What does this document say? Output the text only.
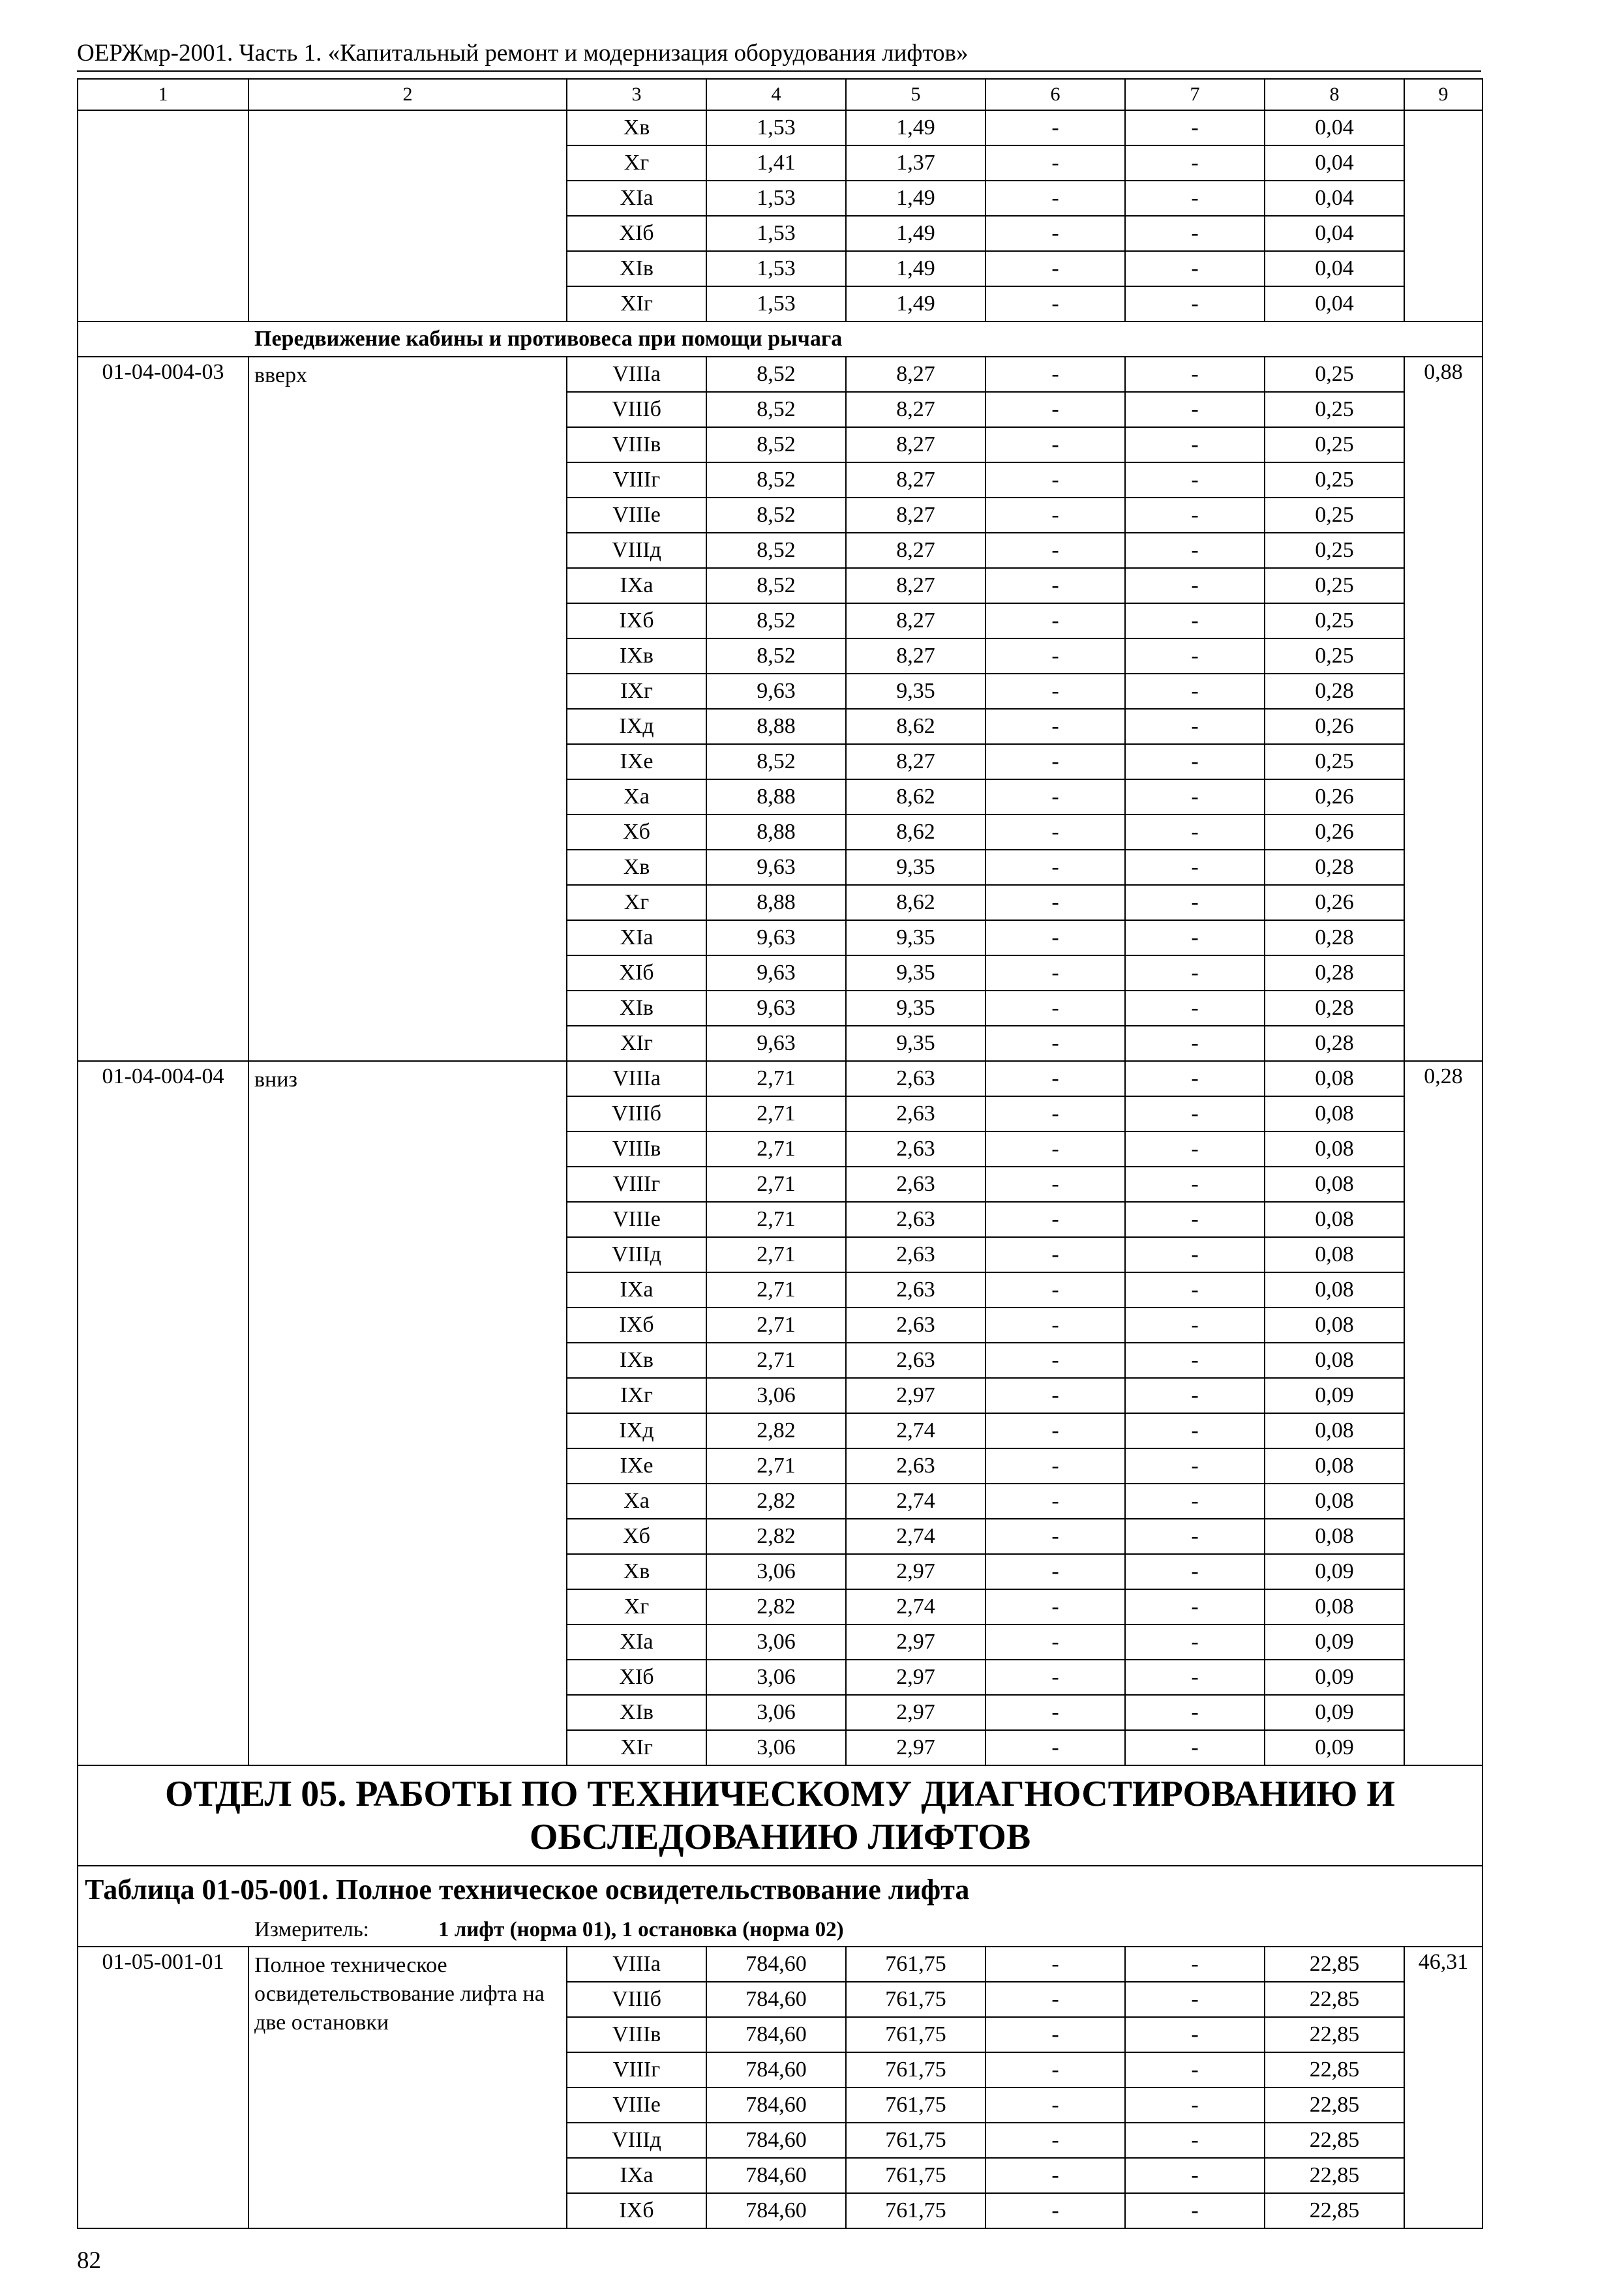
ОЕРЖмр-2001. Часть 1. «Капитальный ремонт и модернизация оборудования лифтов»
1	2	3	4	5	6	7	8	9
		Хв	1,53	1,49	-	-	0,04	
		Хг	1,41	1,37	-	-	0,04	
		ХIа	1,53	1,49	-	-	0,04	
		ХIб	1,53	1,49	-	-	0,04	
		ХIв	1,53	1,49	-	-	0,04	
		ХIг	1,53	1,49	-	-	0,04	
Передвижение кабины и противовеса при помощи рычага								
01-04-004-03	вверх	VIIIа	8,52	8,27	-	-	0,25	0,88
		VIIIб	8,52	8,27	-	-	0,25	
		VIIIв	8,52	8,27	-	-	0,25	
		VIIIг	8,52	8,27	-	-	0,25	
		VIIIе	8,52	8,27	-	-	0,25	
		VIIIд	8,52	8,27	-	-	0,25	
		IХа	8,52	8,27	-	-	0,25	
		IХб	8,52	8,27	-	-	0,25	
		IХв	8,52	8,27	-	-	0,25	
		IХг	9,63	9,35	-	-	0,28	
		IХд	8,88	8,62	-	-	0,26	
		IХе	8,52	8,27	-	-	0,25	
		Ха	8,88	8,62	-	-	0,26	
		Хб	8,88	8,62	-	-	0,26	
		Хв	9,63	9,35	-	-	0,28	
		Хг	8,88	8,62	-	-	0,26	
		ХIа	9,63	9,35	-	-	0,28	
		ХIб	9,63	9,35	-	-	0,28	
		ХIв	9,63	9,35	-	-	0,28	
		ХIг	9,63	9,35	-	-	0,28	
01-04-004-04	вниз	VIIIа	2,71	2,63	-	-	0,08	0,28
		VIIIб	2,71	2,63	-	-	0,08	
		VIIIв	2,71	2,63	-	-	0,08	
		VIIIг	2,71	2,63	-	-	0,08	
		VIIIе	2,71	2,63	-	-	0,08	
		VIIIд	2,71	2,63	-	-	0,08	
		IХа	2,71	2,63	-	-	0,08	
		IХб	2,71	2,63	-	-	0,08	
		IХв	2,71	2,63	-	-	0,08	
		IХг	3,06	2,97	-	-	0,09	
		IХд	2,82	2,74	-	-	0,08	
		IХе	2,71	2,63	-	-	0,08	
		Ха	2,82	2,74	-	-	0,08	
		Хб	2,82	2,74	-	-	0,08	
		Хв	3,06	2,97	-	-	0,09	
		Хг	2,82	2,74	-	-	0,08	
		ХIа	3,06	2,97	-	-	0,09	
		ХIб	3,06	2,97	-	-	0,09	
		ХIв	3,06	2,97	-	-	0,09	
		ХIг	3,06	2,97	-	-	0,09	
ОТДЕЛ 05. РАБОТЫ ПО ТЕХНИЧЕСКОМУ ДИАГНОСТИРОВАНИЮ И ОБСЛЕДОВАНИЮ ЛИФТОВ								
Таблица 01-05-001. Полное техническое освидетельствование лифта								
Измеритель: 1 лифт (норма 01), 1 остановка (норма 02)								
01-05-001-01	Полное техническое освидетельствование лифта на две остановки	VIIIа	784,60	761,75	-	-	22,85	46,31
		VIIIб	784,60	761,75	-	-	22,85	
		VIIIв	784,60	761,75	-	-	22,85	
		VIIIг	784,60	761,75	-	-	22,85	
		VIIIе	784,60	761,75	-	-	22,85	
		VIIIд	784,60	761,75	-	-	22,85	
		IХа	784,60	761,75	-	-	22,85	
		IХб	784,60	761,75	-	-	22,85	
82
